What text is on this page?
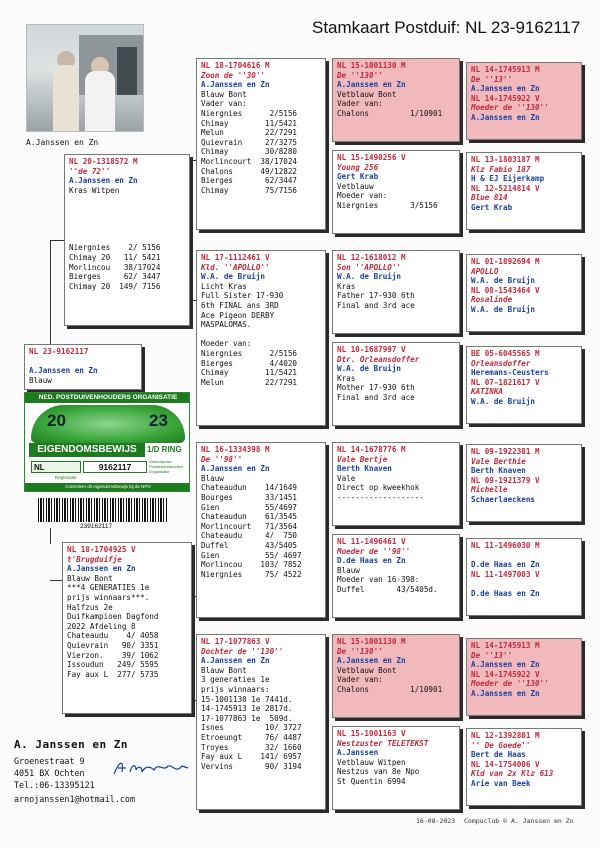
Stamkaart Postduif: NL 23-9162117
A.Janssen en Zn
NL 23-9162117

A.Janssen en Zn
Blauw
NED. POSTDUIVENHOUDERS ORGANISATIE
20	23
EIGENDOMSBEWIJS	1/D RING
NL	9162117
Nederlandse Postduivenhouders Organisatie
Registratie
Controleer dit eigendomsbewijs bij de NPO
239162117
NL 20-1318572 M
''de 72''
A.Janssen en Zn
Kras Witpen
Niergnies    2/ 5156
Chimay 20   11/ 5421
Morlincou   38/17024
Bierges     62/ 3447
Chimay 20  149/ 7156
NL 18-1704925 V
t'Brugduifje
A.Janssen en Zn
Blauw Bont
***4 GENERATIES 1e
prijs winnaars***.
Halfzus 2e
Duifkampioen Dagfond
2022 Afdeling 8
Chateaudu    4/ 4058
Quievrain   90/ 3351
Vierzon.    39/ 1062
Issoudun   249/ 5595
Fay aux L  277/ 5735
NL 18-1704616 M
Zoon de ''30''
A.Janssen en Zn
Blauw Bont
Vader van:
Niergnies      2/5156
Chimay        11/5421
Melun         22/7291
Quievrain     27/3275
Chimay        30/8280
Morlincourt  38/17024
Chalons      49/12822
Bierges       62/3447
Chimay        75/7156
NL 17-1112461 V
Kld. ''APOLLO''
W.A. de Bruijn
Licht Kras
Full Sister 17-930
6th FINAL ans 3RD
Ace Pigeon DERBY
MASPALOMAS.

Moeder van:
Niergnies      2/5156
Bierges        4/4020
Chimay        11/5421
Melun         22/7291
NL 16-1334398 M
De ''98''
A.Janssen en Zn
Blauw
Chateaudun    14/1649
Bourges       33/1451
Gien          55/4697
Chateaudun    61/3545
Morlincourt   71/3564
Chateaudu     4/  750
Duffel        43/5405
Gien          55/ 4697
Morlincou    103/ 7852
Niergnies     75/ 4522
NL 17-1077863 V
Dochter de ''130''
A.Janssen en Zn
Blauw Bont
3 generaties 1e
prijs winnaars:
15-1001130 1e 7441d.
14-1745913 1e 2817d.
17-1077863 1e  509d.
Isnes         10/ 3727
Etroeungt     76/ 4487
Troyes        32/ 1660
Fay aux L    141/ 6957
Vervins       90/ 3194
NL 15-1001130 M
De ''130''
A.Janssen en Zn
Vetblauw Bont
Vader van:
Chalons         1/10901
NL 15-1490256 V
Young 256
Gert Krab
Vetblauw
Moeder van:
Niergnies       3/5156
NL 12-1618012 M
Son ''APOLLO''
W.A. de Bruijn
Kras
Father 17-930 6th
Final and 3rd ace
NL 10-1687997 V
Dtr. Orleansdoffer
W.A. de Bruijn
Kras
Mother 17-930 6th
Final and 3rd ace
NL 14-1678776 M
Vale Bertje
Berth Knaven
Vale
Direct op kweekhok
-------------------
NL 11-1496461 V
Moeder de ''98''
D.de Haas en Zn
Blauw
Moeder van 16-398:
Duffel       43/5405d.
NL 15-1001130 M
De ''130''
A.Janssen en Zn
Vetblauw Bont
Vader van:
Chalons         1/10901
NL 15-1001163 V
Nestzuster TELETEKST
A.Janssen
Vetblauw Witpen
Nestzus van 8e Npo
St Quentin 6994
NL 14-1745913 M
De ''13''
A.Janssen en Zn
NL 14-1745922 V
Moeder de ''130''
A.Janssen en Zn
NL 13-1803187 M
Klz Fabio 187
H & EJ Eijerkamp
NL 12-5214814 V
Blue 814
Gert Krab
NL 01-1892694 M
APOLLO
W.A. de Bruijn
NL 08-1543464 V
Rosalinde
W.A. de Bruijn
BE 05-6045565 M
Orleansdoffer
Heremans-Ceusters
NL 07-1821617 V
KATINKA
W.A. de Bruijn
NL 09-1922381 M
Vale Berthie
Berth Knaven
NL 09-1921379 V
Michelle
Schaerlaeckens
NL 11-1496030 M

D.de Haas en Zn
NL 11-1497003 V

D.de Haas en Zn
NL 14-1745913 M
De ''13''
A.Janssen en Zn
NL 14-1745922 V
Moeder de ''130''
A.Janssen en Zn
NL 12-1392801 M
'' De Goede''
Bert de Haas
NL 14-1754006 V
Kld van 2x Klz 613
Arie van Beek
A. Janssen en Zn
Groenestraat 9
4051 BX Ochten
Tel.:06-13395121
arnojanssen1@hotmail.com
16-08-2023 Compuclub © A. Janssen en Zn
